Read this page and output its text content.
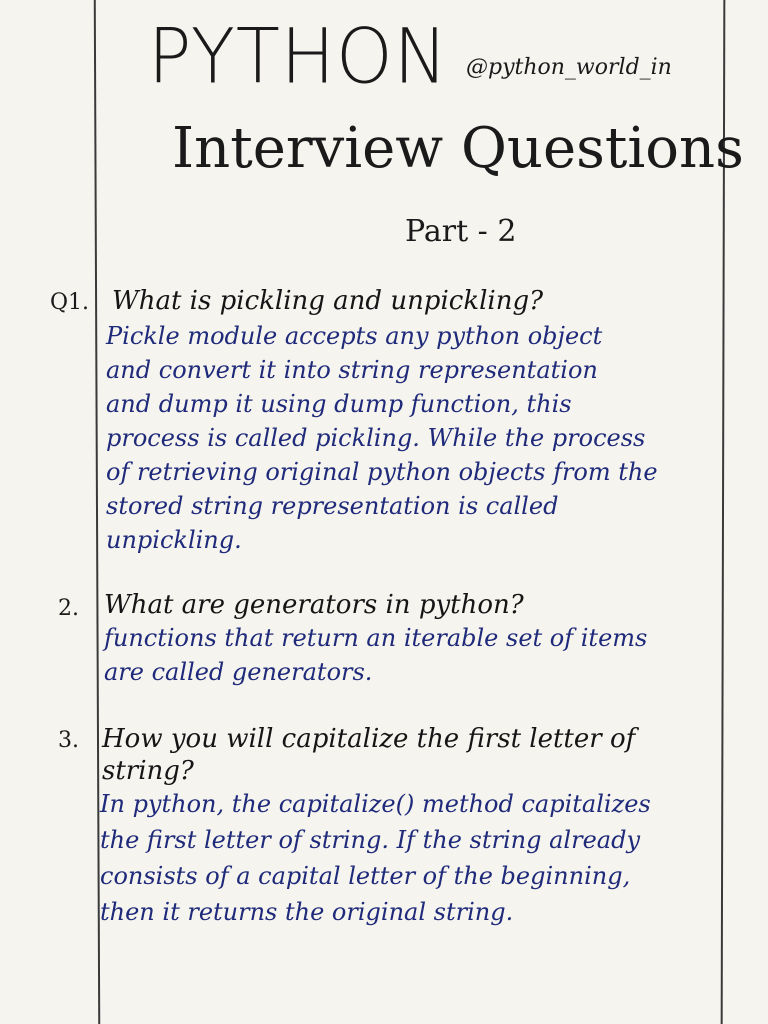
PYTHON @python_world_in
Interview Questions
Part - 2
Q1. What is pickling and unpickling?
Pickle module accepts any python object
and convert it into string representation
and dump it using dump function, this
process is called pickling. While the process
of retrieving original python objects from the
stored string representation is called
unpickling.
2. What are generators in python?
functions that return an iterable set of items
are called generators.
3. How you will capitalize the first letter of
string?
In python, the capitalize() method capitalizes
the first letter of string. If the string already
consists of a capital letter of the beginning,
then it returns the original string.
